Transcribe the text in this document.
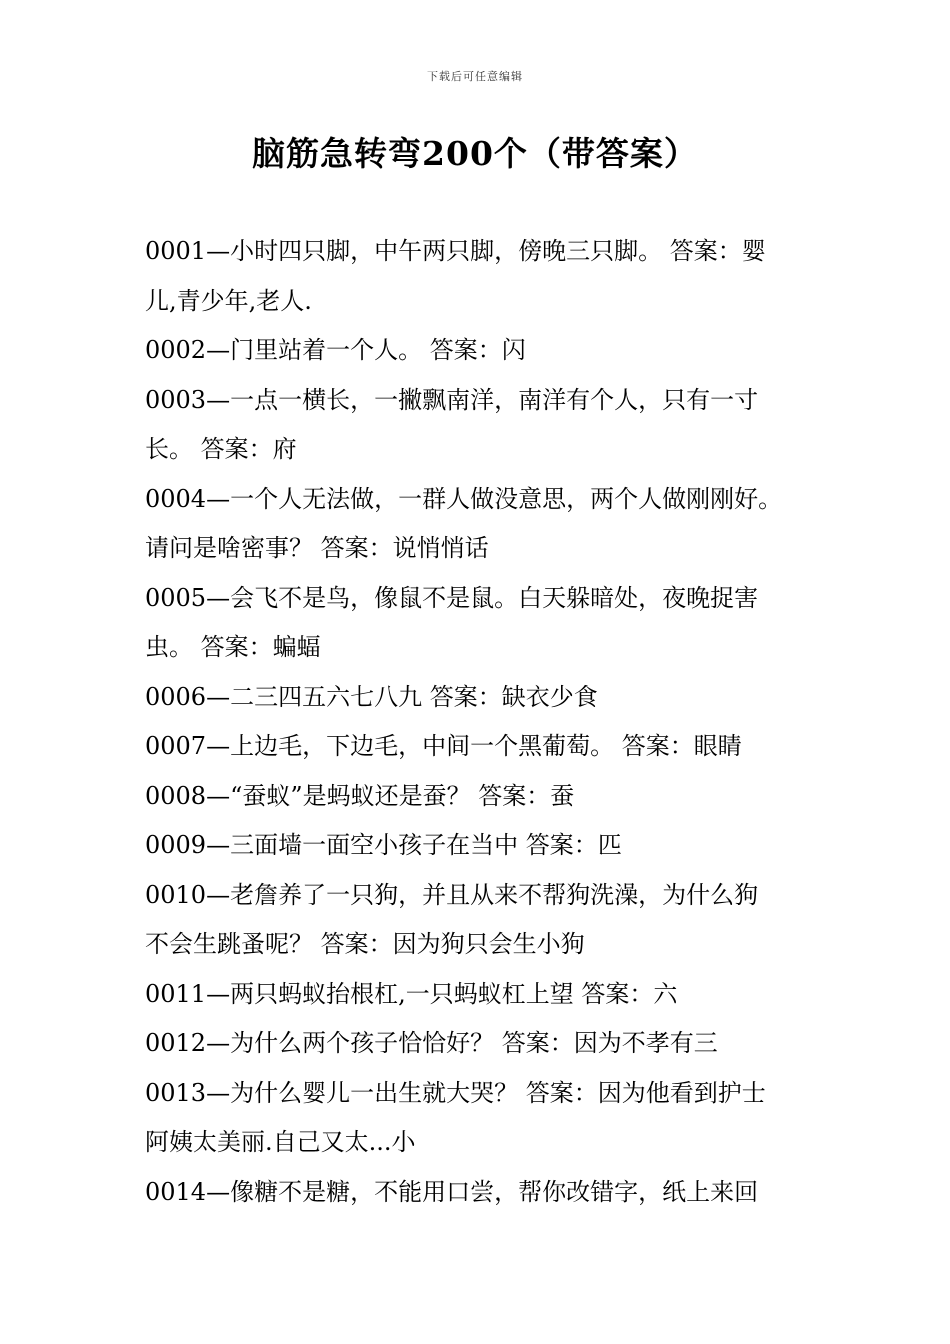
下载后可任意编辑
脑筋急转弯200个（带答案）
0001—小时四只脚，中午两只脚，傍晚三只脚。 答案：婴
儿,青少年,老人.
0002—门里站着一个人。 答案：闪
0003—一点一横长，一撇飘南洋，南洋有个人，只有一寸
长。 答案：府
0004—一个人无法做，一群人做没意思，两个人做刚刚好。
请问是啥密事？ 答案：说悄悄话
0005—会飞不是鸟，像鼠不是鼠。白天躲暗处，夜晚捉害
虫。 答案：蝙蝠
0006—二三四五六七八九 答案：缺衣少食
0007—上边毛，下边毛，中间一个黑葡萄。 答案：眼睛
0008—“蚕蚁”是蚂蚁还是蚕？ 答案：蚕
0009—三面墙一面空小孩子在当中 答案：匹
0010—老詹养了一只狗，并且从来不帮狗洗澡，为什么狗
不会生跳蚤呢？ 答案：因为狗只会生小狗
0011—两只蚂蚁抬根杠,一只蚂蚁杠上望 答案：六
0012—为什么两个孩子恰恰好？ 答案：因为不孝有三
0013—为什么婴儿一出生就大哭？ 答案：因为他看到护士
阿姨太美丽.自己又太...小
0014—像糖不是糖，不能用口尝，帮你改错字，纸上来回
